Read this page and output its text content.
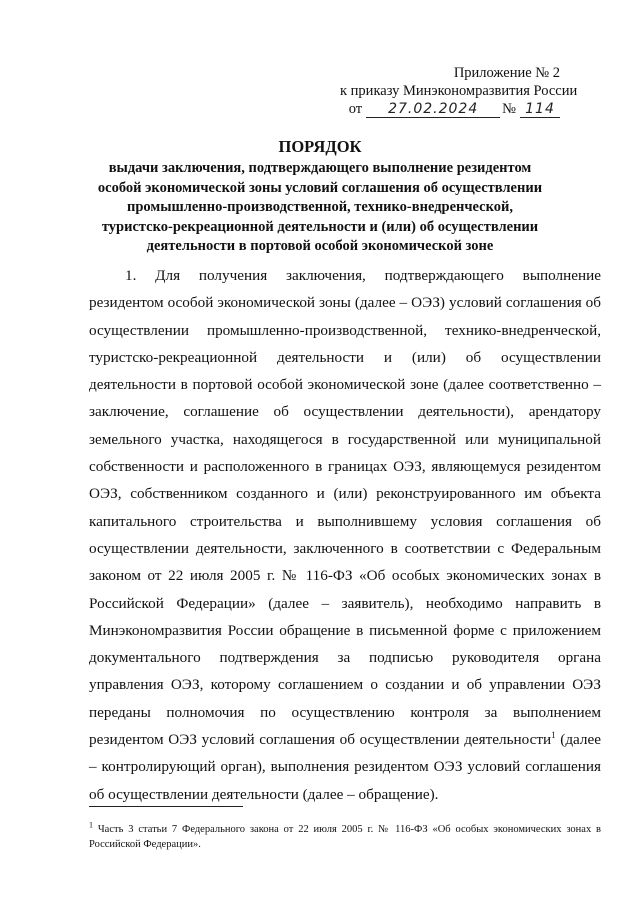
Приложение № 2
к приказу Минэкономразвития России
от	27.02.2024	№ 114
ПОРЯДОК
выдачи заключения, подтверждающего выполнение резидентом особой экономической зоны условий соглашения об осуществлении промышленно-производственной, технико-внедренческой, туристско-рекреационной деятельности и (или) об осуществлении деятельности в портовой особой экономической зоне

1. Для получения заключения, подтверждающего выполнение резидентом особой экономической зоны (далее – ОЭЗ) условий соглашения об осуществлении промышленно-производственной, технико-внедренческой, туристско-рекреационной деятельности и (или) об осуществлении деятельности в портовой особой экономической зоне (далее соответственно – заключение, соглашение об осуществлении деятельности), арендатору земельного участка, находящегося в государственной или муниципальной собственности и расположенного в границах ОЭЗ, являющемуся резидентом ОЭЗ, собственником созданного и (или) реконструированного им объекта капитального строительства и выполнившему условия соглашения об осуществлении деятельности, заключенного в соответствии с Федеральным законом от 22 июля 2005 г. № 116-ФЗ «Об особых экономических зонах в Российской Федерации» (далее – заявитель), необходимо направить в Минэкономразвития России обращение в письменной форме с приложением документального подтверждения за подписью руководителя органа управления ОЭЗ, которому соглашением о создании и об управлении ОЭЗ переданы полномочия по осуществлению контроля за выполнением резидентом ОЭЗ условий соглашения об осуществлении деятельности$^1$ (далее – контролирующий орган), выполнения резидентом ОЭЗ условий соглашения об осуществлении деятельности (далее – обращение).

$^1$ Часть 3 статьи 7 Федерального закона от 22 июля 2005 г. № 116-ФЗ «Об особых экономических зонах в Российской Федерации».
